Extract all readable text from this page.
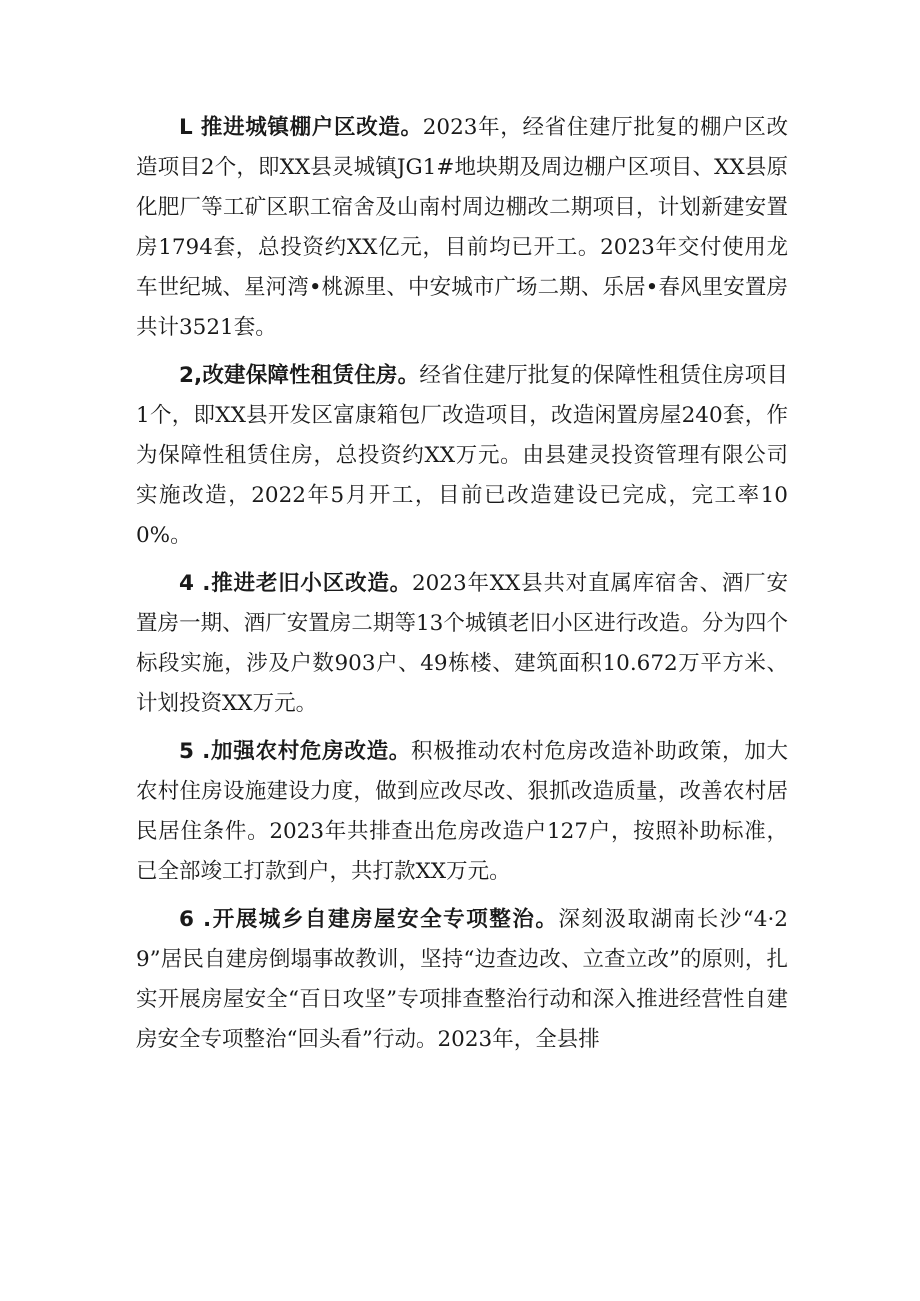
L 推进城镇棚户区改造。2023年，经省住建厅批复的棚户区改造项目2个，即XX县灵城镇JG1#地块期及周边棚户区项目、XX县原化肥厂等工矿区职工宿舍及山南村周边棚改二期项目，计划新建安置房1794套，总投资约XX亿元，目前均已开工。2023年交付使用龙车世纪城、星河湾•桃源里、中安城市广场二期、乐居•春风里安置房共计3521套。

2,改建保障性租赁住房。经省住建厅批复的保障性租赁住房项目1个，即XX县开发区富康箱包厂改造项目，改造闲置房屋240套，作为保障性租赁住房，总投资约XX万元。由县建灵投资管理有限公司实施改造，2022年5月开工，目前已改造建设已完成，完工率100%。

4 .推进老旧小区改造。2023年XX县共对直属库宿舍、酒厂安置房一期、酒厂安置房二期等13个城镇老旧小区进行改造。分为四个标段实施，涉及户数903户、49栋楼、建筑面积10.672万平方米、计划投资XX万元。

5 .加强农村危房改造。积极推动农村危房改造补助政策，加大农村住房设施建设力度，做到应改尽改、狠抓改造质量，改善农村居民居住条件。2023年共排查出危房改造户127户，按照补助标准，已全部竣工打款到户，共打款XX万元。

6 .开展城乡自建房屋安全专项整治。深刻汲取湖南长沙“4·29”居民自建房倒塌事故教训，坚持“边查边改、立查立改”的原则，扎实开展房屋安全“百日攻坚”专项排查整治行动和深入推进经营性自建房安全专项整治“回头看”行动。2023年，全县排
